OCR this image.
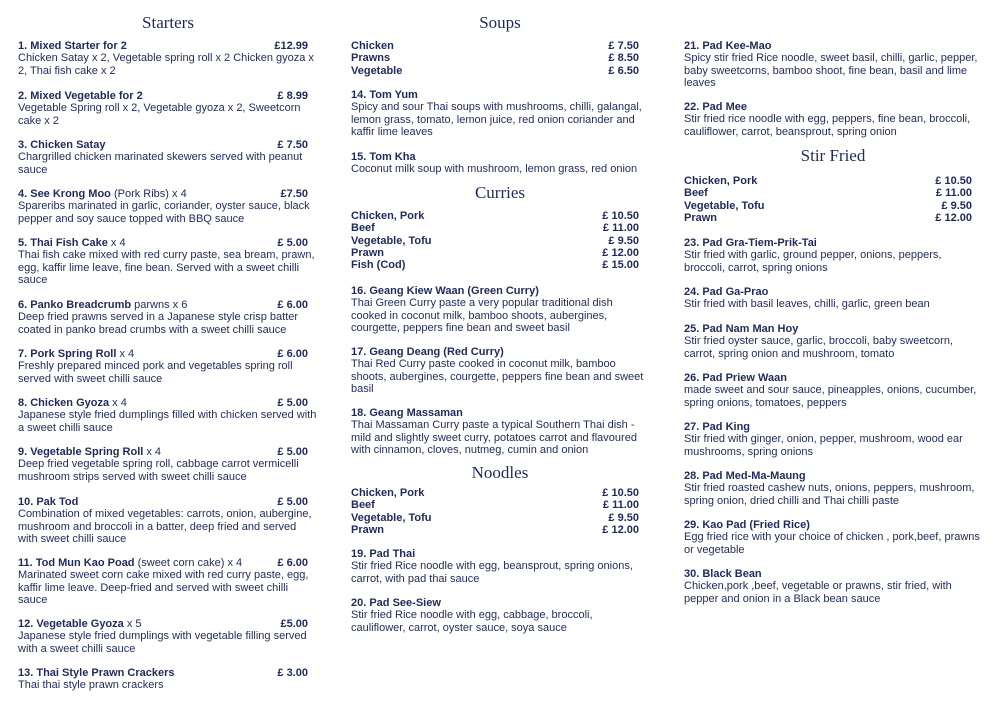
Starters
1. Mixed Starter for 2	£12.99
Chicken Satay x 2, Vegetable spring roll x 2 Chicken gyoza x 2, Thai fish cake x 2
2. Mixed Vegetable for 2	£ 8.99
Vegetable Spring roll x 2, Vegetable gyoza x 2, Sweetcorn cake x 2
3. Chicken Satay	£ 7.50
Chargrilled chicken marinated skewers served with peanut sauce
4. See Krong Moo (Pork Ribs) x 4	£7.50
Spareribs marinated in garlic, coriander, oyster sauce, black pepper and soy sauce topped with BBQ sauce
5. Thai Fish Cake x 4	£ 5.00
Thai fish cake mixed with red curry paste, sea bream, prawn, egg, kaffir lime leave, fine bean. Served with a sweet chilli sauce
6. Panko Breadcrumb parwns x 6	£ 6.00
Deep fried prawns served in a Japanese style crisp batter coated in panko bread crumbs with a sweet chilli sauce
7. Pork Spring Roll x 4	£ 6.00
Freshly prepared minced pork and vegetables spring roll served with sweet chilli sauce
8. Chicken Gyoza x 4	£ 5.00
Japanese style fried dumplings filled with chicken served with a sweet chilli sauce
9. Vegetable Spring Roll x 4	£ 5.00
Deep fried vegetable spring roll, cabbage carrot vermicelli mushroom strips served with sweet chilli sauce
10. Pak Tod	£ 5.00
Combination of mixed vegetables: carrots, onion, aubergine, mushroom and broccoli in a batter, deep fried and served with sweet chilli sauce
11. Tod Mun Kao Poad (sweet corn cake) x 4	£ 6.00
Marinated sweet corn cake mixed with red curry paste, egg, kaffir lime leave. Deep-fried and served with sweet chilli sauce
12. Vegetable Gyoza x 5	£5.00
Japanese style fried dumplings with vegetable filling served with a sweet chilli sauce
13. Thai Style Prawn Crackers	£ 3.00
Thai thai style prawn crackers
Soups
Chicken	£ 7.50
Prawns	£ 8.50
Vegetable	£ 6.50
14. Tom Yum
Spicy and sour Thai soups with mushrooms, chilli, galangal, lemon grass, tomato, lemon juice, red onion coriander and kaffir lime leaves
15. Tom Kha
Coconut milk soup with mushroom, lemon grass, red onion
Curries
Chicken, Pork	£ 10.50
Beef	£ 11.00
Vegetable, Tofu	£ 9.50
Prawn	£ 12.00
Fish (Cod)	£ 15.00
16. Geang Kiew Waan (Green Curry)
Thai Green Curry paste a very popular traditional dish cooked in coconut milk, bamboo shoots, aubergines, courgette, peppers fine bean and sweet basil
17. Geang Deang (Red Curry)
Thai Red Curry paste cooked in coconut milk, bamboo shoots, aubergines, courgette, peppers fine bean and sweet basil
18. Geang Massaman
Thai Massaman Curry paste a typical Southern Thai dish - mild and slightly sweet curry, potatoes carrot and flavoured with cinnamon, cloves, nutmeg, cumin and onion
Noodles
Chicken, Pork	£ 10.50
Beef	£ 11.00
Vegetable, Tofu	£ 9.50
Prawn	£ 12.00
19. Pad Thai
Stir fried Rice noodle with egg, beansprout, spring onions, carrot, with pad thai sauce
20. Pad See-Siew
Stir fried Rice noodle with egg, cabbage, broccoli, cauliflower, carrot, oyster sauce, soya sauce
21. Pad Kee-Mao
Spicy stir fried Rice noodle, sweet basil, chilli, garlic, pepper, baby sweetcorns, bamboo shoot, fine bean, basil and lime leaves
22. Pad Mee
Stir fried rice noodle with egg, peppers, fine bean, broccoli, cauliflower, carrot, beansprout, spring onion
Stir Fried
Chicken, Pork	£ 10.50
Beef	£ 11.00
Vegetable, Tofu	£ 9.50
Prawn	£ 12.00
23. Pad Gra-Tiem-Prik-Tai
Stir fried with garlic, ground pepper, onions, peppers, broccoli, carrot, spring onions
24. Pad Ga-Prao
Stir fried with basil leaves, chilli, garlic, green bean
25. Pad Nam Man Hoy
Stir fried oyster sauce, garlic, broccoli, baby sweetcorn, carrot, spring onion and mushroom, tomato
26. Pad Priew Waan
made sweet and sour sauce, pineapples, onions, cucumber, spring onions, tomatoes, peppers
27. Pad King
Stir fried with ginger, onion, pepper, mushroom, wood ear mushrooms, spring onions
28. Pad Med-Ma-Maung
Stir fried roasted cashew nuts, onions, peppers, mushroom, spring onion, dried chilli and Thai chilli paste
29. Kao Pad (Fried Rice)
Egg fried rice with your choice of chicken , pork,beef, prawns or vegetable
30. Black Bean
Chicken,pork ,beef, vegetable or prawns, stir fried, with pepper and onion in a Black bean sauce
